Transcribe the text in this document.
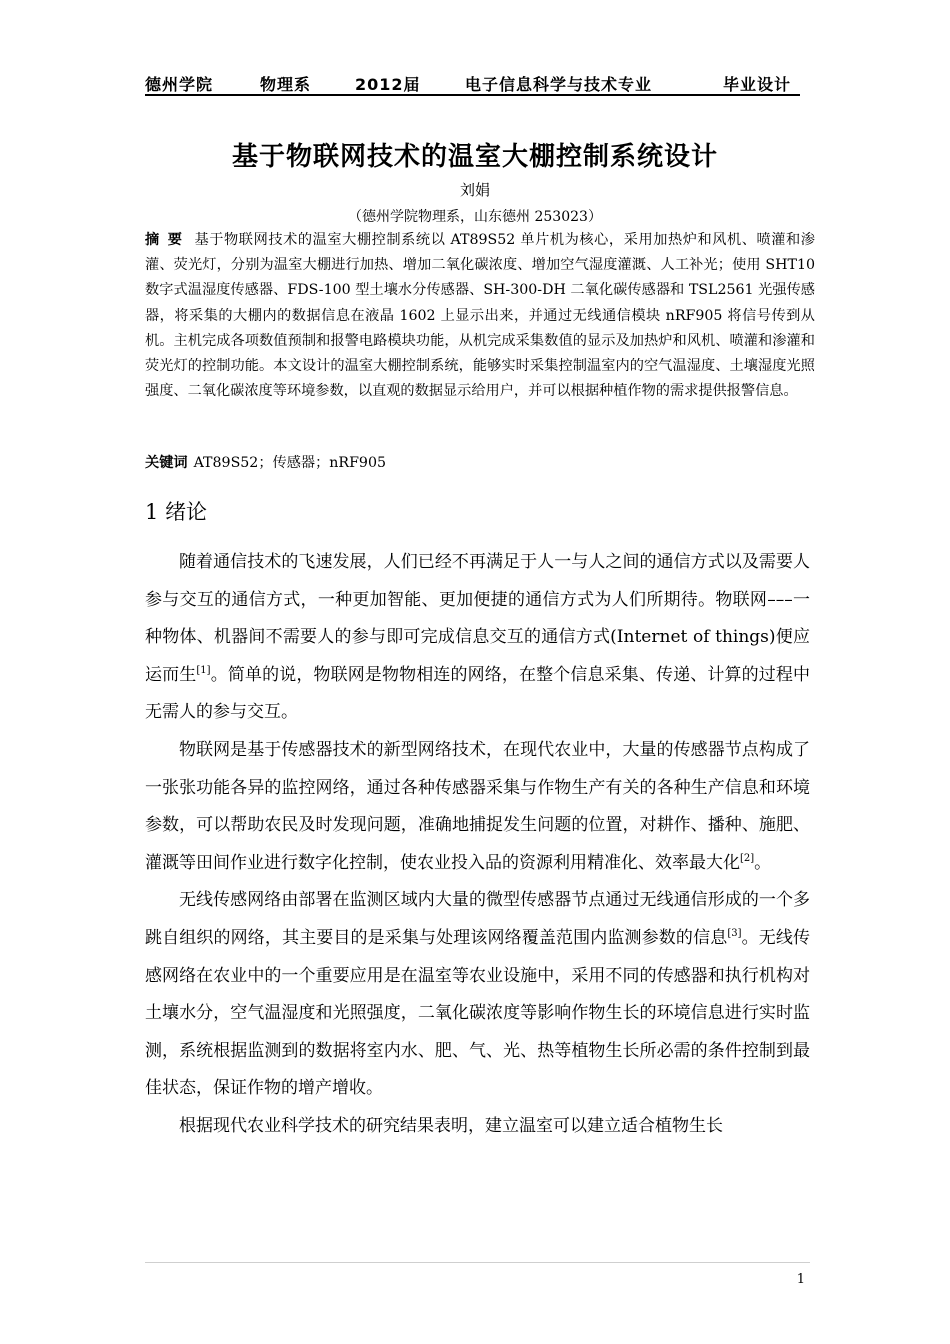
德州学院	物理系	2012届	电子信息科学与技术专业	毕业设计
基于物联网技术的温室大棚控制系统设计
刘娟
（德州学院物理系，山东德州 253023）
摘要 基于物联网技术的温室大棚控制系统以 AT89S52 单片机为核心，采用加热炉和风机、喷灌和渗灌、荧光灯，分别为温室大棚进行加热、增加二氧化碳浓度、增加空气湿度灌溉、人工补光；使用 SHT10 数字式温湿度传感器、FDS-100 型土壤水分传感器、SH-300-DH 二氧化碳传感器和 TSL2561 光强传感器，将采集的大棚内的数据信息在液晶 1602 上显示出来，并通过无线通信模块 nRF905 将信号传到从机。主机完成各项数值预制和报警电路模块功能，从机完成采集数值的显示及加热炉和风机、喷灌和渗灌和荧光灯的控制功能。本文设计的温室大棚控制系统，能够实时采集控制温室内的空气温湿度、土壤湿度光照强度、二氧化碳浓度等环境参数，以直观的数据显示给用户，并可以根据种植作物的需求提供报警信息。
关键词 AT89S52；传感器；nRF905
1 绪论

随着通信技术的飞速发展，人们已经不再满足于人一与人之间的通信方式以及需要人参与交互的通信方式，一种更加智能、更加便捷的通信方式为人们所期待。物联网–––一种物体、机器间不需要人的参与即可完成信息交互的通信方式(Internet of things)便应运而生[1]。简单的说，物联网是物物相连的网络，在整个信息采集、传递、计算的过程中无需人的参与交互。

物联网是基于传感器技术的新型网络技术，在现代农业中，大量的传感器节点构成了一张张功能各异的监控网络，通过各种传感器采集与作物生产有关的各种生产信息和环境参数，可以帮助农民及时发现问题，准确地捕捉发生问题的位置，对耕作、播种、施肥、灌溉等田间作业进行数字化控制，使农业投入品的资源利用精准化、效率最大化[2]。

无线传感网络由部署在监测区域内大量的微型传感器节点通过无线通信形成的一个多跳自组织的网络，其主要目的是采集与处理该网络覆盖范围内监测参数的信息[3]。无线传感网络在农业中的一个重要应用是在温室等农业设施中，采用不同的传感器和执行机构对土壤水分，空气温湿度和光照强度，二氧化碳浓度等影响作物生长的环境信息进行实时监测，系统根据监测到的数据将室内水、肥、气、光、热等植物生长所必需的条件控制到最佳状态，保证作物的增产增收。

根据现代农业科学技术的研究结果表明，建立温室可以建立适合植物生长

1
